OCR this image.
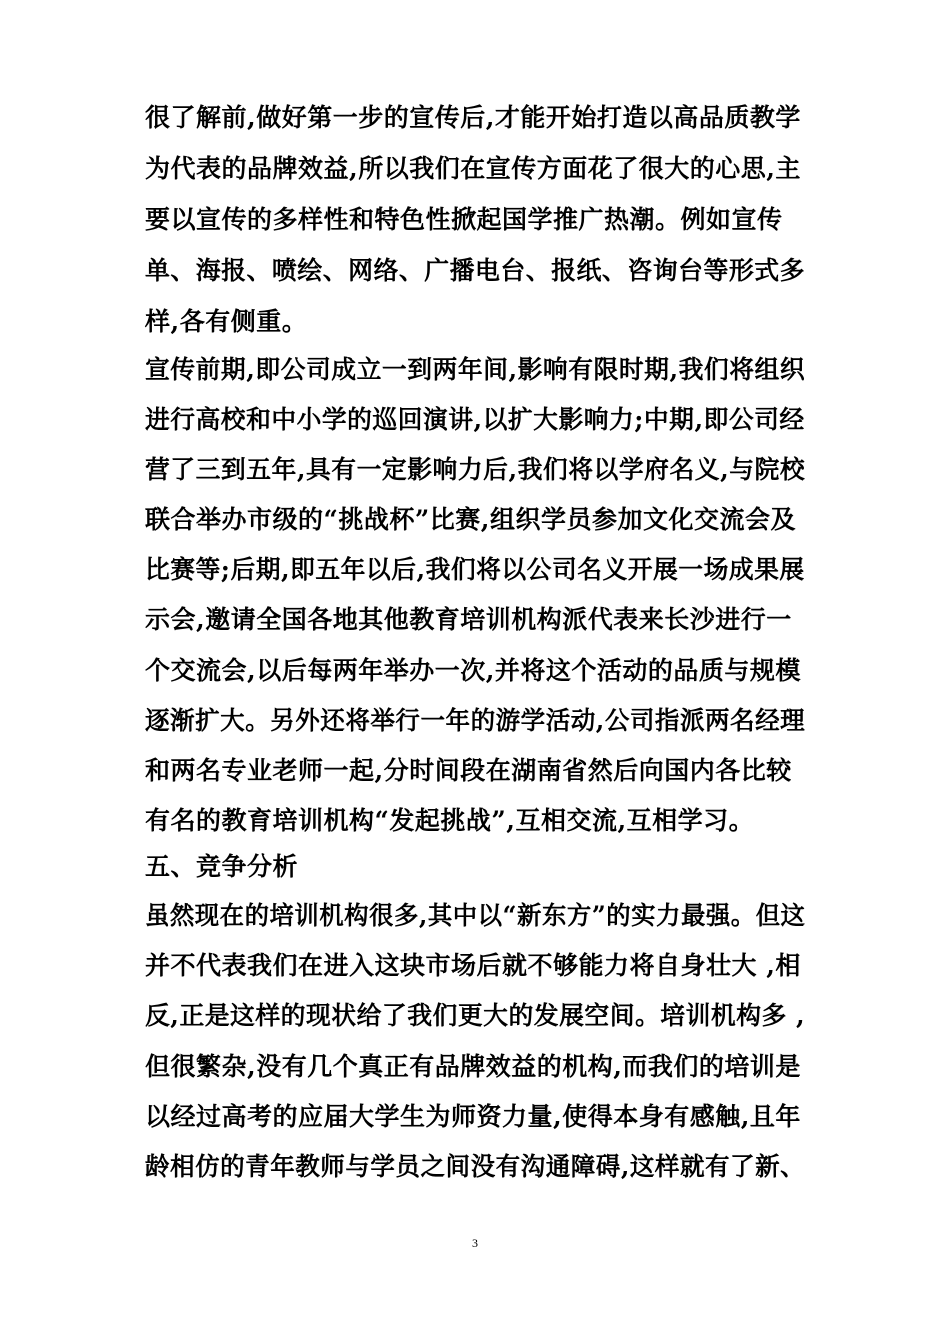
很了解前,做好第一步的宣传后,才能开始打造以高品质教学
为代表的品牌效益,所以我们在宣传方面花了很大的心思,主
要以宣传的多样性和特色性掀起国学推广热潮。例如宣传
单、海报、喷绘、网络、广播电台、报纸、咨询台等形式多
样,各有侧重。
宣传前期,即公司成立一到两年间,影响有限时期,我们将组织
进行高校和中小学的巡回演讲,以扩大影响力;中期,即公司经
营了三到五年,具有一定影响力后,我们将以学府名义,与院校
联合举办市级的“挑战杯”比赛,组织学员参加文化交流会及
比赛等;后期,即五年以后,我们将以公司名义开展一场成果展
示会,邀请全国各地其他教育培训机构派代表来长沙进行一
个交流会,以后每两年举办一次,并将这个活动的品质与规模
逐渐扩大。另外还将举行一年的游学活动,公司指派两名经理
和两名专业老师一起,分时间段在湖南省然后向国内各比较
有名的教育培训机构“发起挑战”,互相交流,互相学习。
五、竞争分析
虽然现在的培训机构很多,其中以“新东方”的实力最强。但这
并不代表我们在进入这块市场后就不够能力将自身壮大 ,相
反,正是这样的现状给了我们更大的发展空间。培训机构多 ,
但很繁杂,没有几个真正有品牌效益的机构,而我们的培训是
以经过高考的应届大学生为师资力量,使得本身有感触,且年
龄相仿的青年教师与学员之间没有沟通障碍,这样就有了新、
3
